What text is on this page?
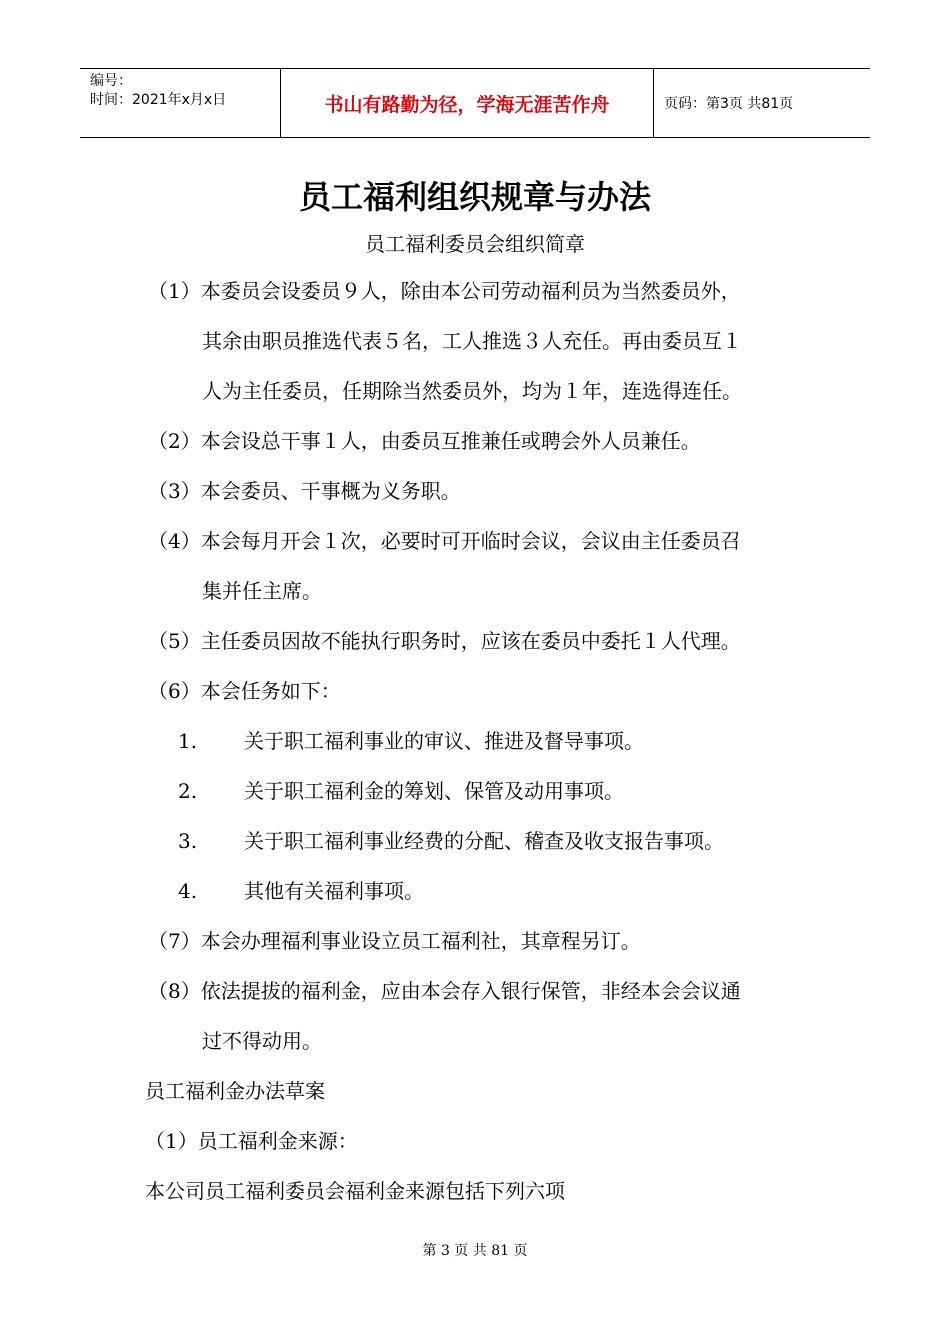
编号：
时间：2021年x月x日	书山有路勤为径，学海无涯苦作舟	页码：第3页 共81页
员工福利组织规章与办法
员工福利委员会组织简章
（1）本委员会设委员９人，除由本公司劳动福利员为当然委员外，
其余由职员推选代表５名，工人推选３人充任。再由委员互１
人为主任委员，任期除当然委员外，均为１年，连选得连任。
（2）本会设总干事１人，由委员互推兼任或聘会外人员兼任。
（3）本会委员、干事概为义务职。
（4）本会每月开会１次，必要时可开临时会议，会议由主任委员召
集并任主席。
（5）主任委员因故不能执行职务时，应该在委员中委托１人代理。
（6）本会任务如下：
1. 关于职工福利事业的审议、推进及督导事项。
2. 关于职工福利金的筹划、保管及动用事项。
3. 关于职工福利事业经费的分配、稽查及收支报告事项。
4. 其他有关福利事项。
（7）本会办理福利事业设立员工福利社，其章程另订。
（8）依法提拔的福利金，应由本会存入银行保管，非经本会会议通
过不得动用。
员工福利金办法草案
（1）员工福利金来源：
本公司员工福利委员会福利金来源包括下列六项
第 3 页 共 81 页
